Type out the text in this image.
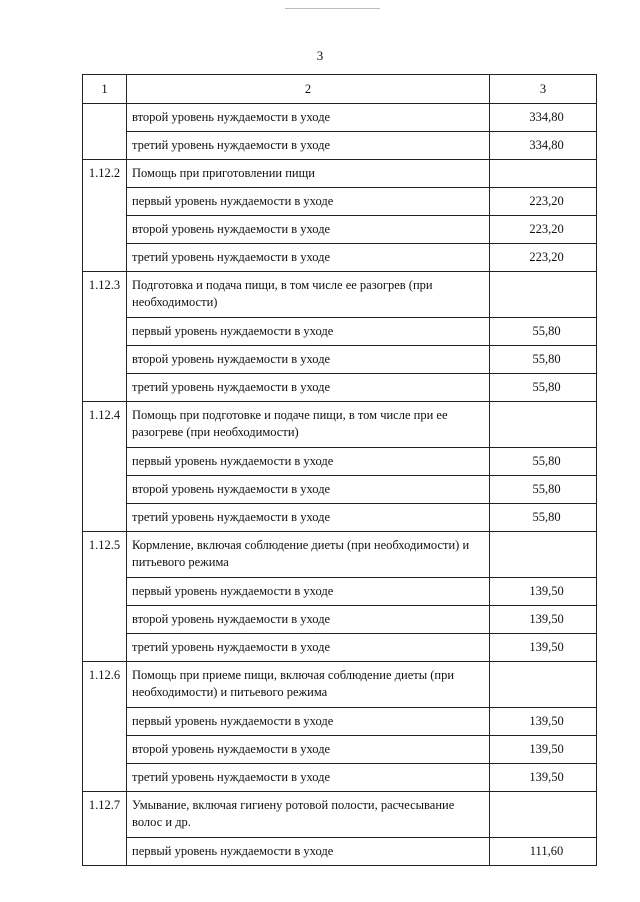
3
1	2	3
	второй уровень нуждаемости в уходе	334,80
	третий уровень нуждаемости в уходе	334,80
1.12.2	Помощь при приготовлении пищи	
	первый уровень нуждаемости в уходе	223,20
	второй уровень нуждаемости в уходе	223,20
	третий уровень нуждаемости в уходе	223,20
1.12.3	Подготовка и подача пищи, в том числе ее разогрев (при необходимости)	
	первый уровень нуждаемости в уходе	55,80
	второй уровень нуждаемости в уходе	55,80
	третий уровень нуждаемости в уходе	55,80
1.12.4	Помощь при подготовке и подаче пищи, в том числе при ее разогреве (при необходимости)	
	первый уровень нуждаемости в уходе	55,80
	второй уровень нуждаемости в уходе	55,80
	третий уровень нуждаемости в уходе	55,80
1.12.5	Кормление, включая соблюдение диеты (при необходимости) и питьевого режима	
	первый уровень нуждаемости в уходе	139,50
	второй уровень нуждаемости в уходе	139,50
	третий уровень нуждаемости в уходе	139,50
1.12.6	Помощь при приеме пищи, включая соблюдение диеты (при необходимости) и питьевого режима	
	первый уровень нуждаемости в уходе	139,50
	второй уровень нуждаемости в уходе	139,50
	третий уровень нуждаемости в уходе	139,50
1.12.7	Умывание, включая гигиену ротовой полости, расчесывание волос и др.	
	первый уровень нуждаемости в уходе	111,60
